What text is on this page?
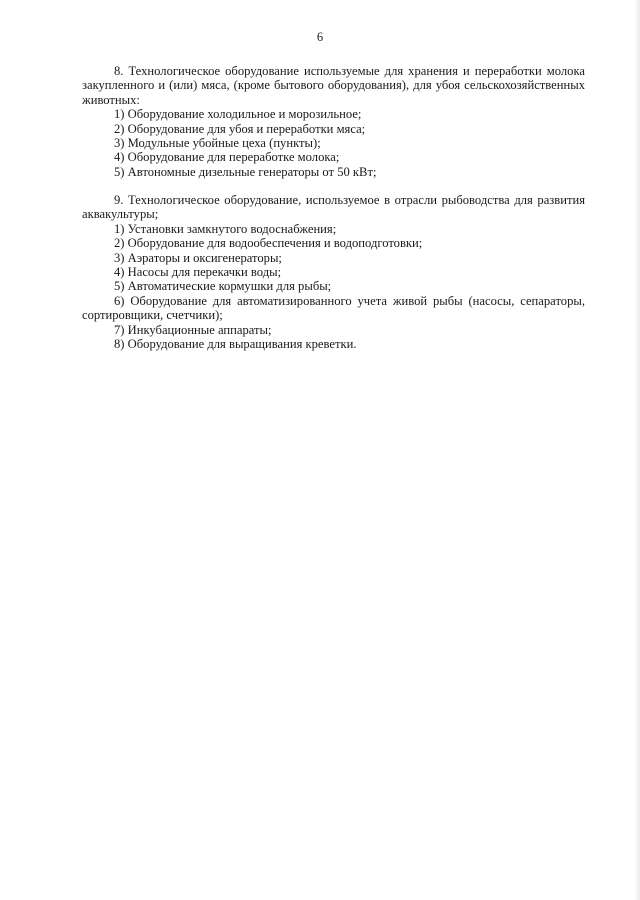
6

8. Технологическое оборудование используемые для хранения и переработки молока закупленного и (или) мяса, (кроме бытового оборудования), для убоя сельскохозяйственных животных:

1) Оборудование холодильное и морозильное;
2) Оборудование для убоя и переработки мяса;
3) Модульные убойные цеха (пункты);
4) Оборудование для переработке молока;
5) Автономные дизельные генераторы от 50 кВт;

9. Технологическое оборудование, используемое в отрасли рыбоводства для развития аквакультуры;

1) Установки замкнутого водоснабжения;
2) Оборудование для водообеспечения и водоподготовки;
3) Аэраторы и оксигенераторы;
4) Насосы для перекачки воды;
5) Автоматические кормушки для рыбы;
6) Оборудование для автоматизированного учета живой рыбы (насосы, сепараторы, сортировщики, счетчики);
7) Инкубационные аппараты;
8) Оборудование для выращивания креветки.
